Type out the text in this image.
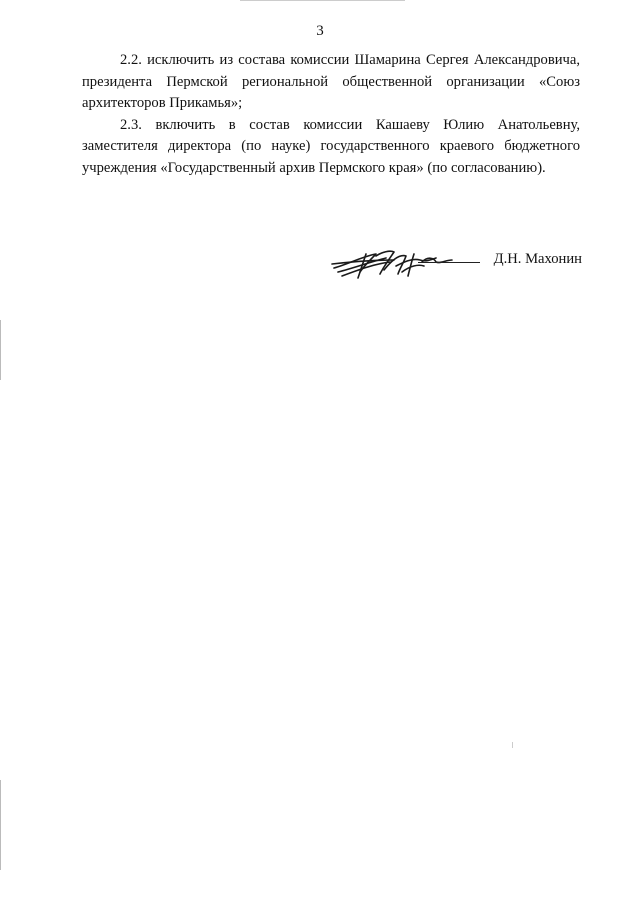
3

2.2. исключить из состава комиссии Шамарина Сергея Александровича, президента Пермской региональной общественной организации «Союз архитекторов Прикамья»;

2.3. включить в состав комиссии Кашаеву Юлию Анатольевну, заместителя директора (по науке) государственного краевого бюджетного учреждения «Государственный архив Пермского края» (по согласованию).

Д.Н. Махонин
